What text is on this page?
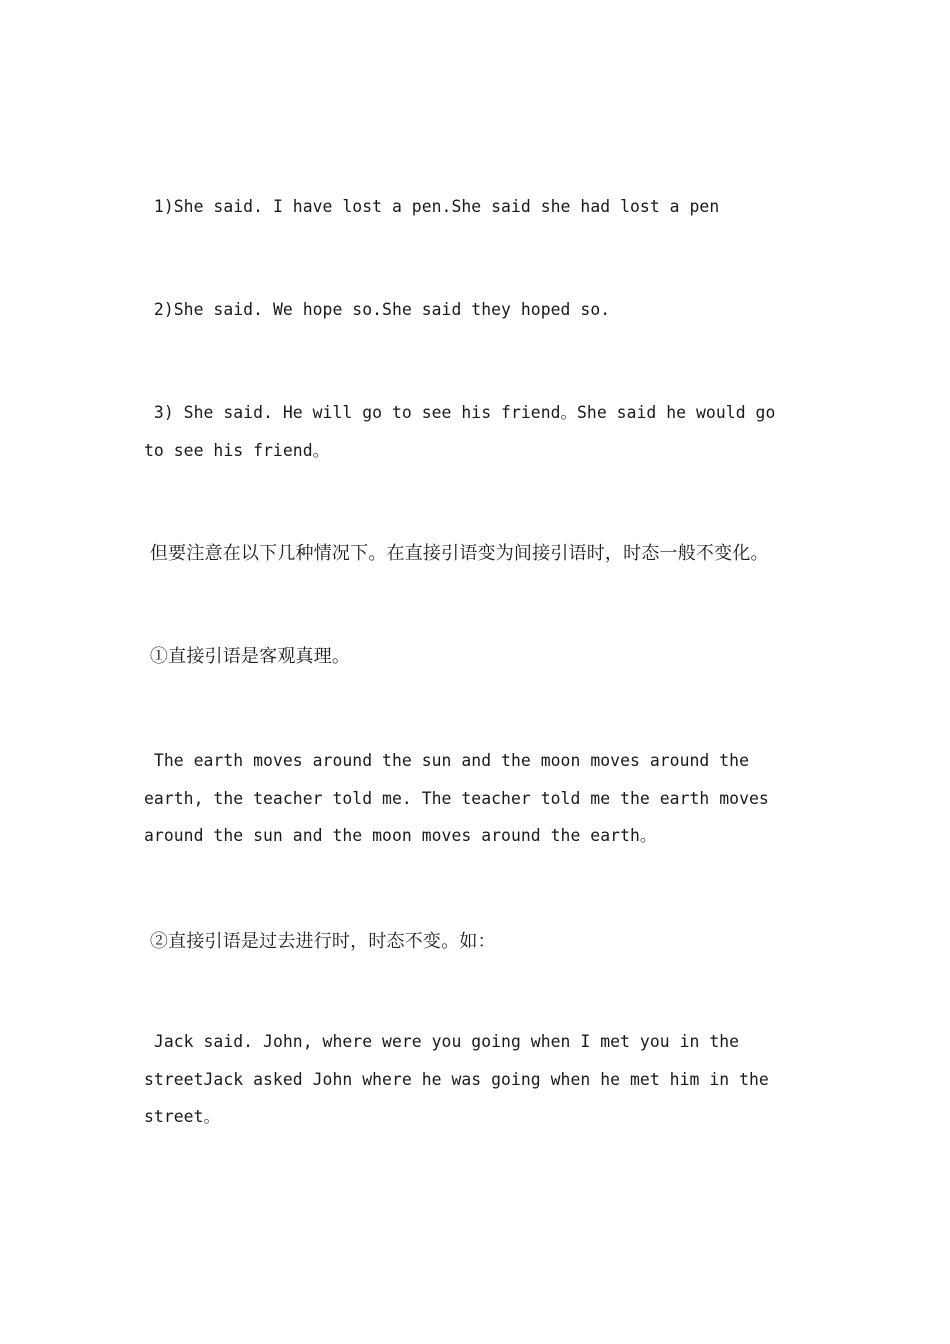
1)She said. I have lost a pen.She said she had lost a pen

2)She said. We hope so.She said they hoped so.

3) She said. He will go to see his friend。She said he would go to see his friend。

但要注意在以下几种情况下。在直接引语变为间接引语时，时态一般不变化。

①直接引语是客观真理。

The earth moves around the sun and the moon moves around the earth, the teacher told me. The teacher told me the earth moves around the sun and the moon moves around the earth。

②直接引语是过去进行时，时态不变。如：

Jack said. John, where were you going when I met you in the streetJack asked John where he was going when he met him in the street。
